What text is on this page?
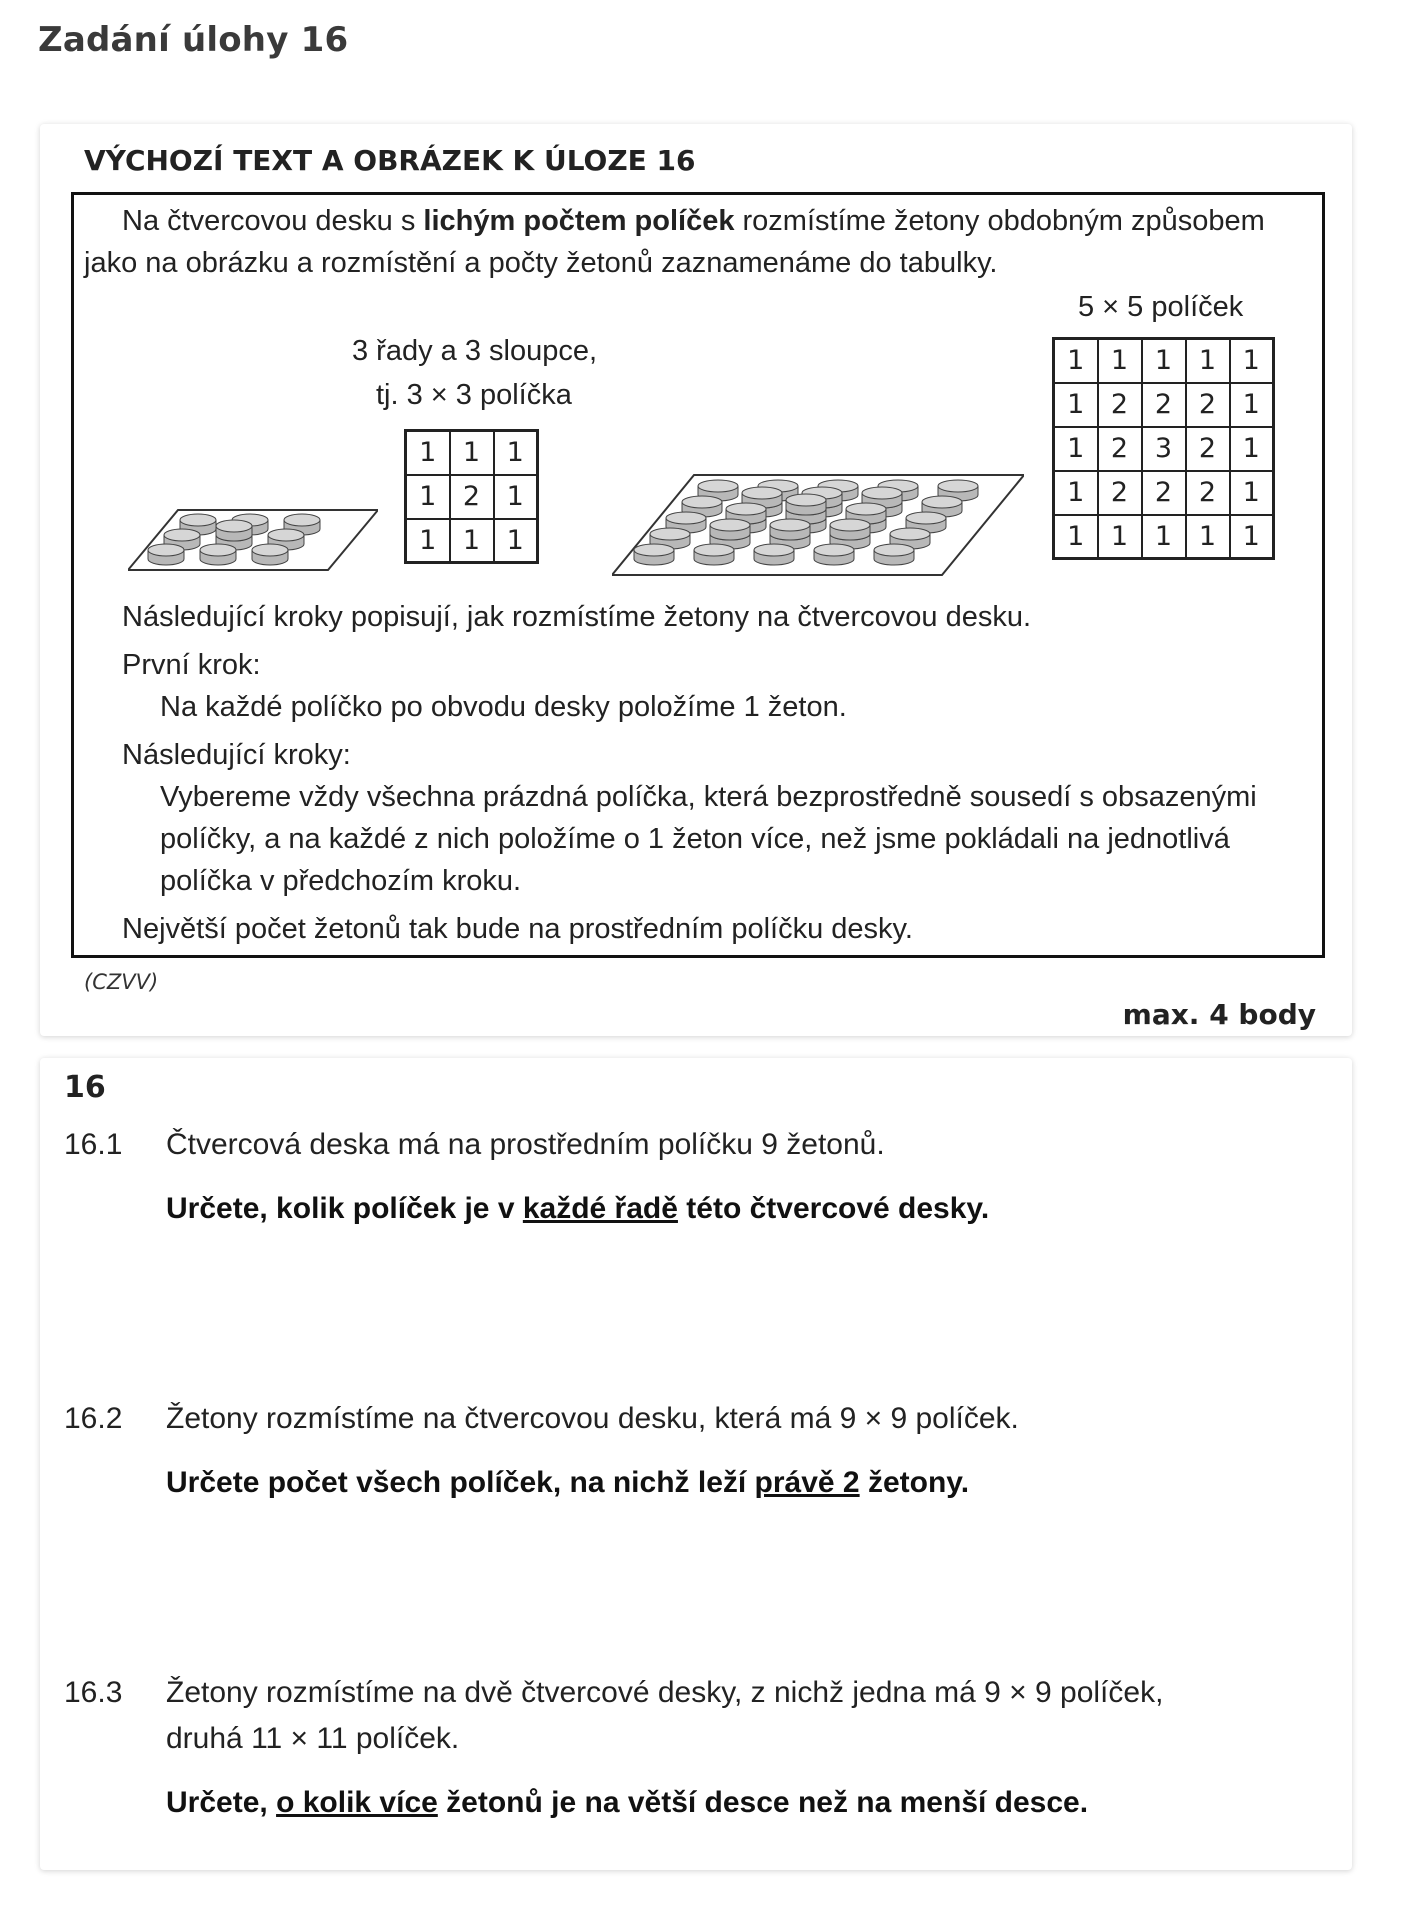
Zadání úlohy 16
VÝCHOZÍ TEXT A OBRÁZEK K ÚLOZE 16
Na čtvercovou desku s lichým počtem políček rozmístíme žetony obdobným způsobem
jako na obrázku a rozmístění a počty žetonů zaznamenáme do tabulky.
5 × 5 políček
3 řady a 3 sloupce,
tj. 3 × 3 políčka
1	1	1
1	2	1
1	1	1
1	1	1	1	1
1	2	2	2	1
1	2	3	2	1
1	2	2	2	1
1	1	1	1	1
Následující kroky popisují, jak rozmístíme žetony na čtvercovou desku.
První krok:
Na každé políčko po obvodu desky položíme 1 žeton.
Následující kroky:
Vybereme vždy všechna prázdná políčka, která bezprostředně sousedí s obsazenými
políčky, a na každé z nich položíme o 1 žeton více, než jsme pokládali na jednotlivá
políčka v předchozím kroku.
Největší počet žetonů tak bude na prostředním políčku desky.
(CZVV)
max. 4 body
16
16.1 Čtvercová deska má na prostředním políčku 9 žetonů.
Určete, kolik políček je v každé řadě této čtvercové desky.
16.2 Žetony rozmístíme na čtvercovou desku, která má 9 × 9 políček.
Určete počet všech políček, na nichž leží právě 2 žetony.
16.3 Žetony rozmístíme na dvě čtvercové desky, z nichž jedna má 9 × 9 políček,
druhá 11 × 11 políček.
Určete, o kolik více žetonů je na větší desce než na menší desce.
